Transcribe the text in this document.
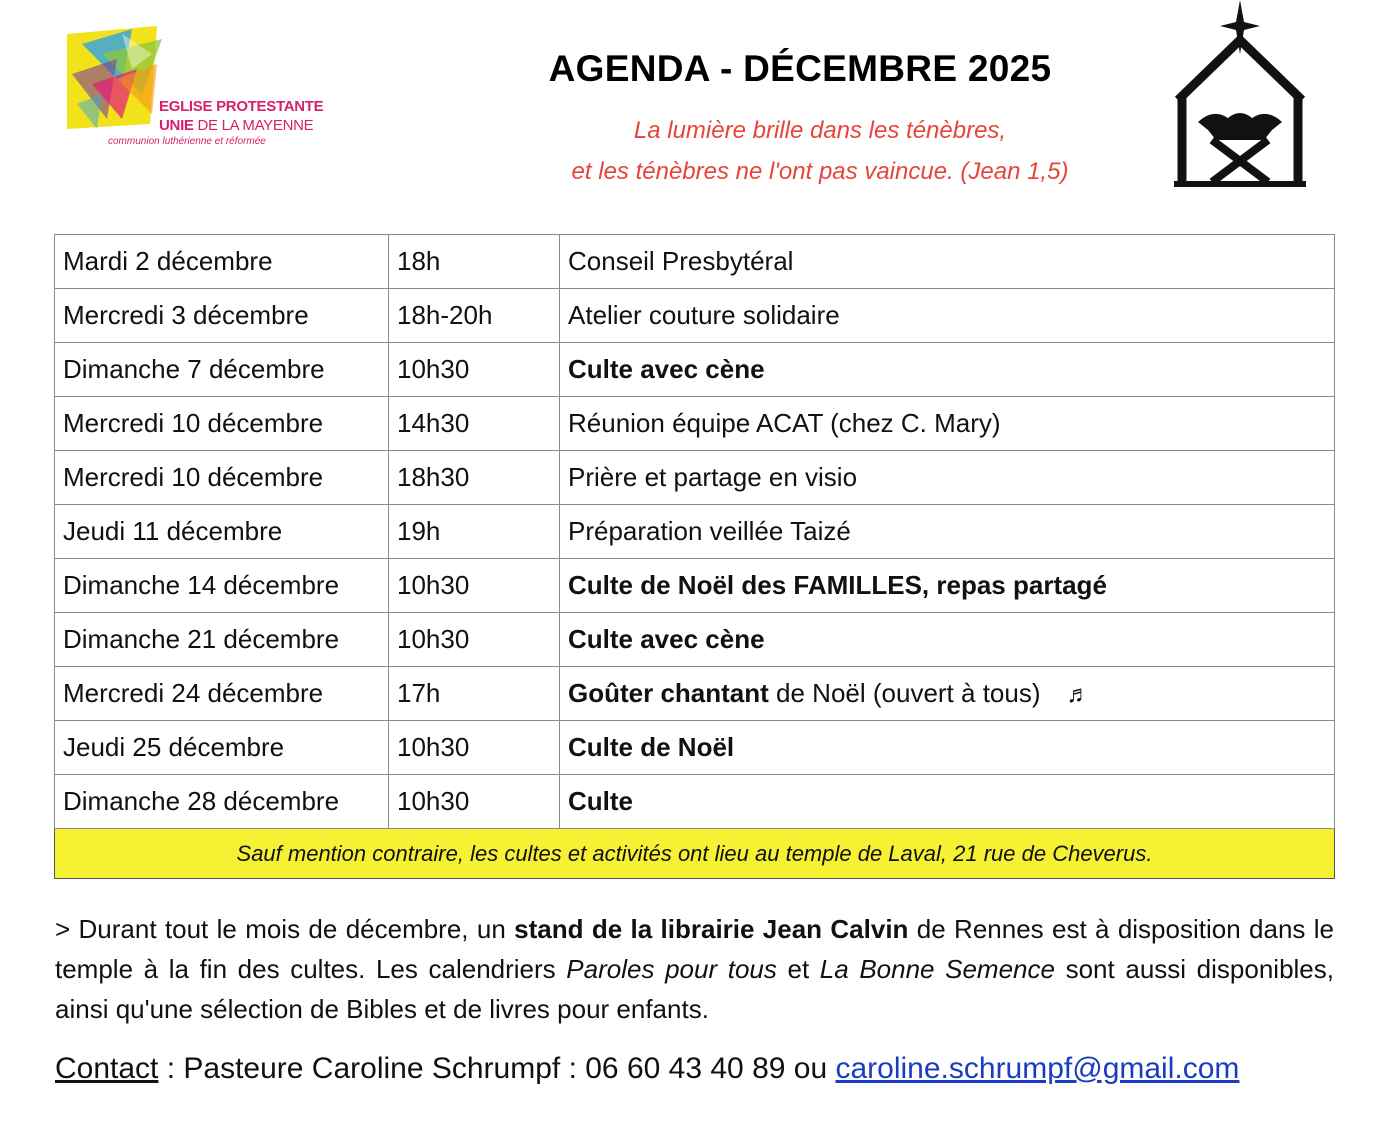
EGLISE PROTESTANTE
UNIE DE LA MAYENNE
communion luthérienne et réformée
AGENDA - DÉCEMBRE 2025
La lumière brille dans les ténèbres,
et les ténèbres ne l'ont pas vaincue. (Jean 1,5)
Mardi 2 décembre	18h	Conseil Presbytéral
Mercredi 3 décembre	18h-20h	Atelier couture solidaire
Dimanche 7 décembre	10h30	Culte avec cène
Mercredi 10 décembre	14h30	Réunion équipe ACAT (chez C. Mary)
Mercredi 10 décembre	18h30	Prière et partage en visio
Jeudi 11 décembre	19h	Préparation veillée Taizé
Dimanche 14 décembre	10h30	Culte de Noël des FAMILLES, repas partagé
Dimanche 21 décembre	10h30	Culte avec cène
Mercredi 24 décembre	17h	Goûter chantant de Noël (ouvert à tous) ♬
Jeudi 25 décembre	10h30	Culte de Noël
Dimanche 28 décembre	10h30	Culte
Sauf mention contraire, les cultes et activités ont lieu au temple de Laval, 21 rue de Cheverus.		
> Durant tout le mois de décembre, un stand de la librairie Jean Calvin de Rennes est à disposition dans le temple à la fin des cultes. Les calendriers Paroles pour tous et La Bonne Semence sont aussi disponibles, ainsi qu'une sélection de Bibles et de livres pour enfants.
Contact : Pasteure Caroline Schrumpf : 06 60 43 40 89 ou caroline.schrumpf@gmail.com
